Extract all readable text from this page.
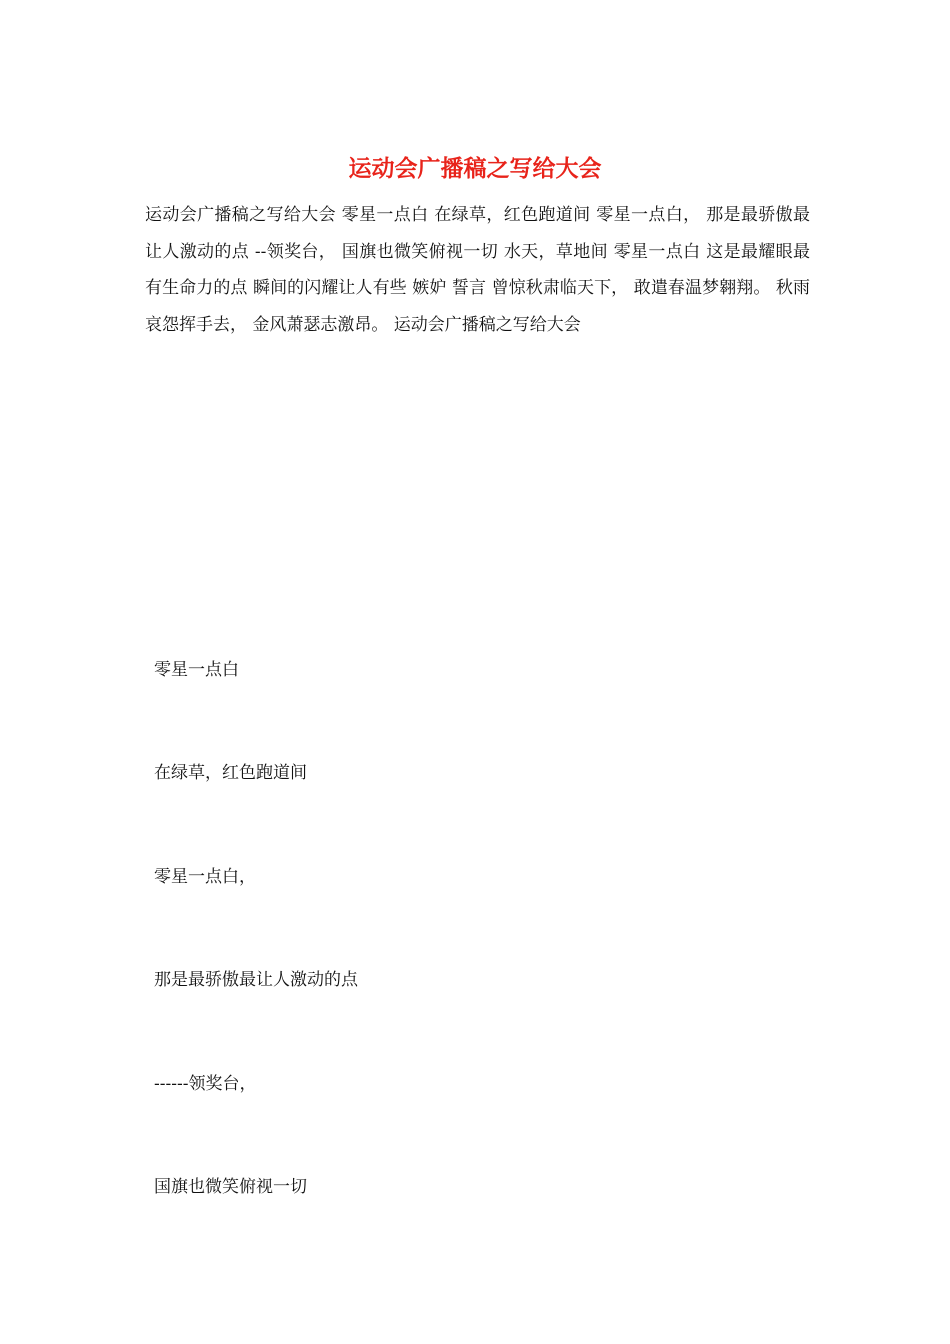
运动会广播稿之写给大会

运动会广播稿之写给大会 零星一点白 在绿草，红色跑道间 零星一点白， 那是最骄傲最让人激动的点 --领奖台， 国旗也微笑俯视一切 水天，草地间 零星一点白 这是最耀眼最有生命力的点 瞬间的闪耀让人有些 嫉妒 誓言 曾惊秋肃临天下， 敢遣春温梦翱翔。 秋雨哀怨挥手去， 金风萧瑟志激昂。 运动会广播稿之写给大会

零星一点白

在绿草，红色跑道间

零星一点白，

那是最骄傲最让人激动的点

------领奖台，

国旗也微笑俯视一切
